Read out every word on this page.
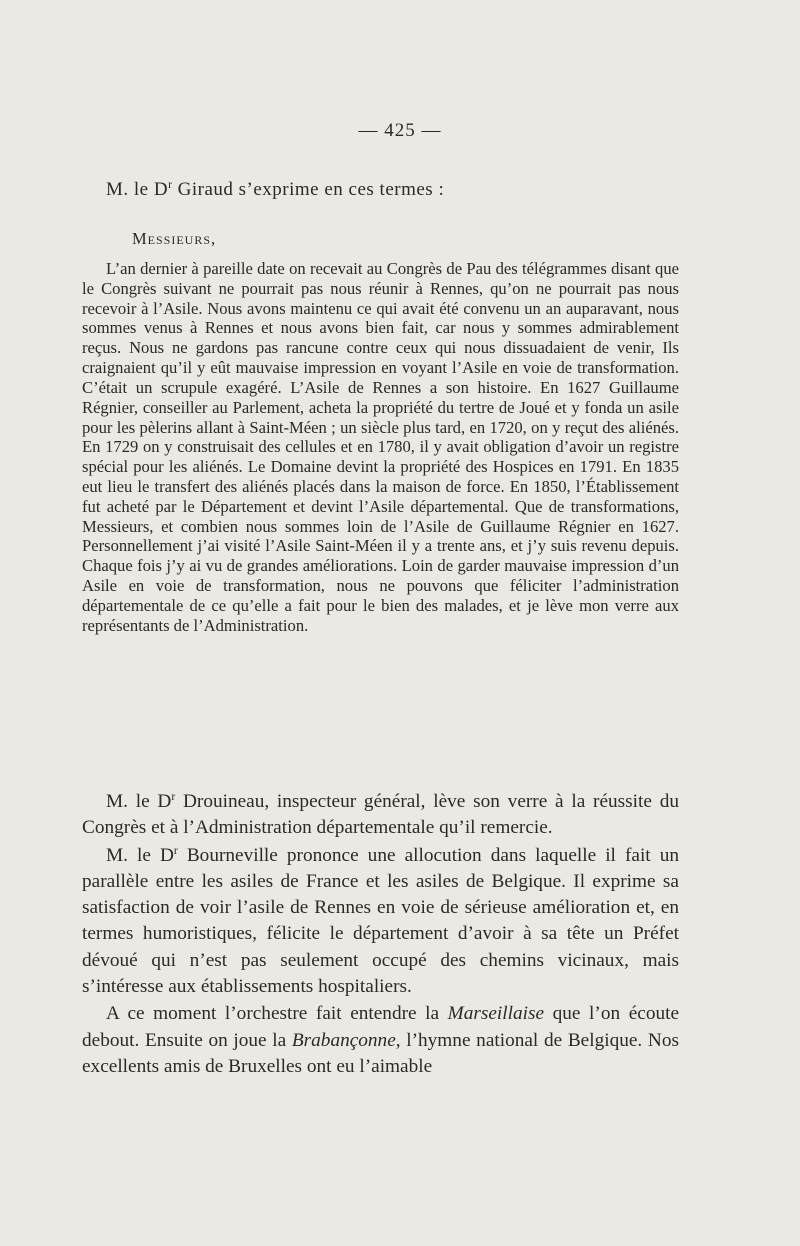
— 425 —
M. le $D^r$ Giraud s’exprime en ces termes :
Messieurs,

L’an dernier à pareille date on recevait au Congrès de Pau des télégrammes disant que le Congrès suivant ne pourrait pas nous réunir à Rennes, qu’on ne pourrait pas nous recevoir à l’Asile. Nous avons maintenu ce qui avait été convenu un an auparavant, nous sommes venus à Rennes et nous avons bien fait, car nous y sommes admirablement reçus. Nous ne gardons pas rancune contre ceux qui nous dissuadaient de venir, Ils craignaient qu’il y eût mauvaise impression en voyant l’Asile en voie de transformation. C’était un scrupule exagéré. L’Asile de Rennes a son histoire. En 1627 Guillaume Régnier, conseiller au Parlement, acheta la propriété du tertre de Joué et y fonda un asile pour les pèlerins allant à Saint-Méen ; un siècle plus tard, en 1720, on y reçut des aliénés. En 1729 on y construisait des cellules et en 1780, il y avait obligation d’avoir un registre spécial pour les aliénés. Le Domaine devint la propriété des Hospices en 1791. En 1835 eut lieu le transfert des aliénés placés dans la maison de force. En 1850, l’Établissement fut acheté par le Département et devint l’Asile départemental. Que de transformations, Messieurs, et combien nous sommes loin de l’Asile de Guillaume Régnier en 1627. Personnellement j’ai visité l’Asile Saint-Méen il y a trente ans, et j’y suis revenu depuis. Chaque fois j’y ai vu de grandes améliorations. Loin de garder mauvaise impression d’un Asile en voie de transformation, nous ne pouvons que féliciter l’administration départementale de ce qu’elle a fait pour le bien des malades, et je lève mon verre aux représentants de l’Administration.

M. le $D^r$ Drouineau, inspecteur général, lève son verre à la réussite du Congrès et à l’Administration départementale qu’il remercie.

M. le $D^r$ Bourneville prononce une allocution dans laquelle il fait un parallèle entre les asiles de France et les asiles de Belgique. Il exprime sa satisfaction de voir l’asile de Rennes en voie de sérieuse amélioration et, en termes humoristiques, félicite le département d’avoir à sa tête un Préfet dévoué qui n’est pas seulement occupé des chemins vicinaux, mais s’intéresse aux établissements hospitaliers.

A ce moment l’orchestre fait entendre la Marseillaise que l’on écoute debout. Ensuite on joue la Brabançonne, l’hymne national de Belgique. Nos excellents amis de Bruxelles ont eu l’aimable
